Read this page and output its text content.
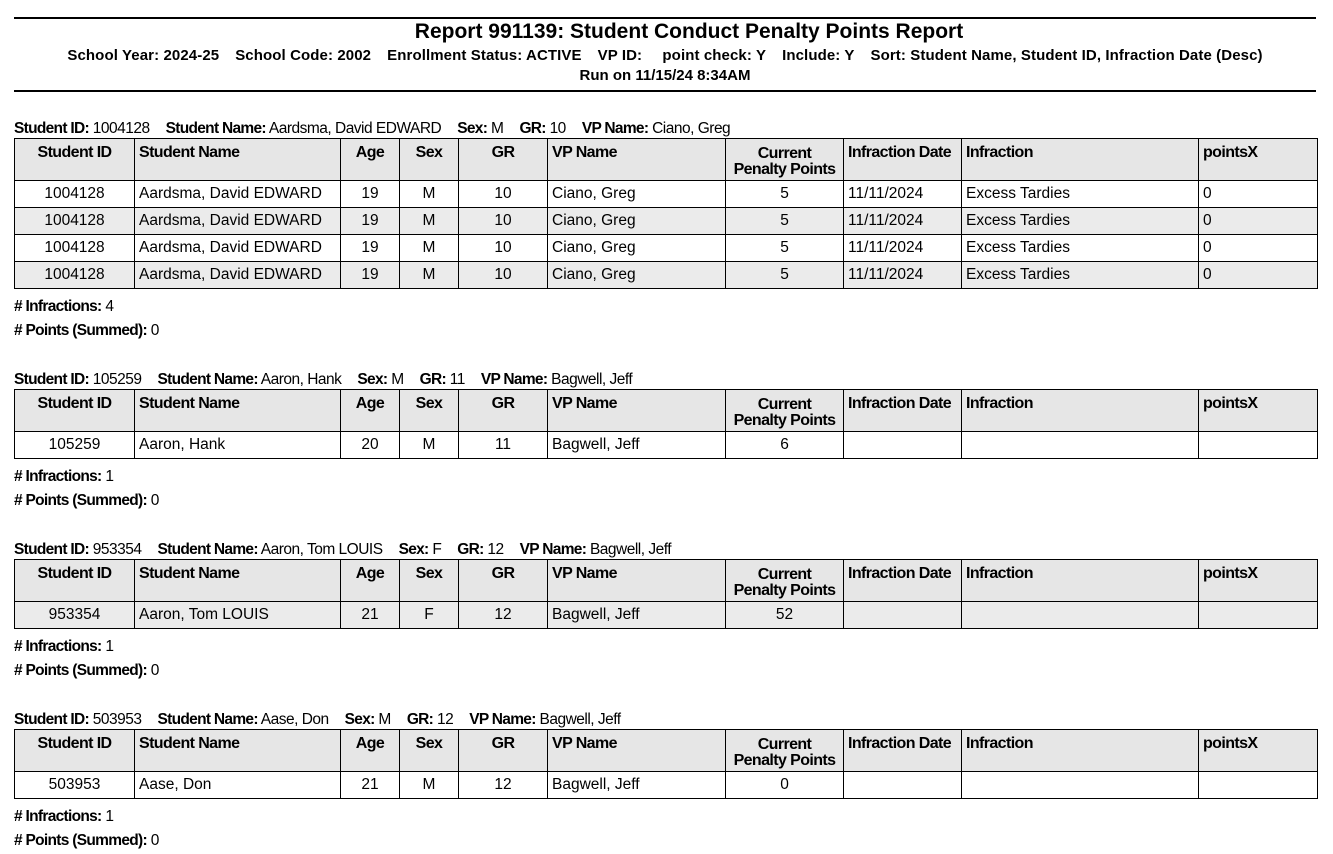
Report 991139: Student Conduct Penalty Points Report
School Year: 2024-25 School Code: 2002 Enrollment Status: ACTIVE VP ID: point check: Y Include: Y Sort: Student Name, Student ID, Infraction Date (Desc)
Run on 11/15/24 8:34AM
Student ID: 1004128 Student Name: Aardsma, David EDWARD Sex: M GR: 10 VP Name: Ciano, Greg
Student ID	Student Name	Age	Sex	GR	VP Name	Current
Penalty Points	Infraction Date	Infraction	pointsX
1004128	Aardsma, David EDWARD	19	M	10	Ciano, Greg	5	11/11/2024	Excess Tardies	0
1004128	Aardsma, David EDWARD	19	M	10	Ciano, Greg	5	11/11/2024	Excess Tardies	0
1004128	Aardsma, David EDWARD	19	M	10	Ciano, Greg	5	11/11/2024	Excess Tardies	0
1004128	Aardsma, David EDWARD	19	M	10	Ciano, Greg	5	11/11/2024	Excess Tardies	0
# Infractions: 4
# Points (Summed): 0
Student ID: 105259 Student Name: Aaron, Hank Sex: M GR: 11 VP Name: Bagwell, Jeff
Student ID	Student Name	Age	Sex	GR	VP Name	Current
Penalty Points	Infraction Date	Infraction	pointsX
105259	Aaron, Hank	20	M	11	Bagwell, Jeff	6			
# Infractions: 1
# Points (Summed): 0
Student ID: 953354 Student Name: Aaron, Tom LOUIS Sex: F GR: 12 VP Name: Bagwell, Jeff
Student ID	Student Name	Age	Sex	GR	VP Name	Current
Penalty Points	Infraction Date	Infraction	pointsX
953354	Aaron, Tom LOUIS	21	F	12	Bagwell, Jeff	52			
# Infractions: 1
# Points (Summed): 0
Student ID: 503953 Student Name: Aase, Don Sex: M GR: 12 VP Name: Bagwell, Jeff
Student ID	Student Name	Age	Sex	GR	VP Name	Current
Penalty Points	Infraction Date	Infraction	pointsX
503953	Aase, Don	21	M	12	Bagwell, Jeff	0			
# Infractions: 1
# Points (Summed): 0
